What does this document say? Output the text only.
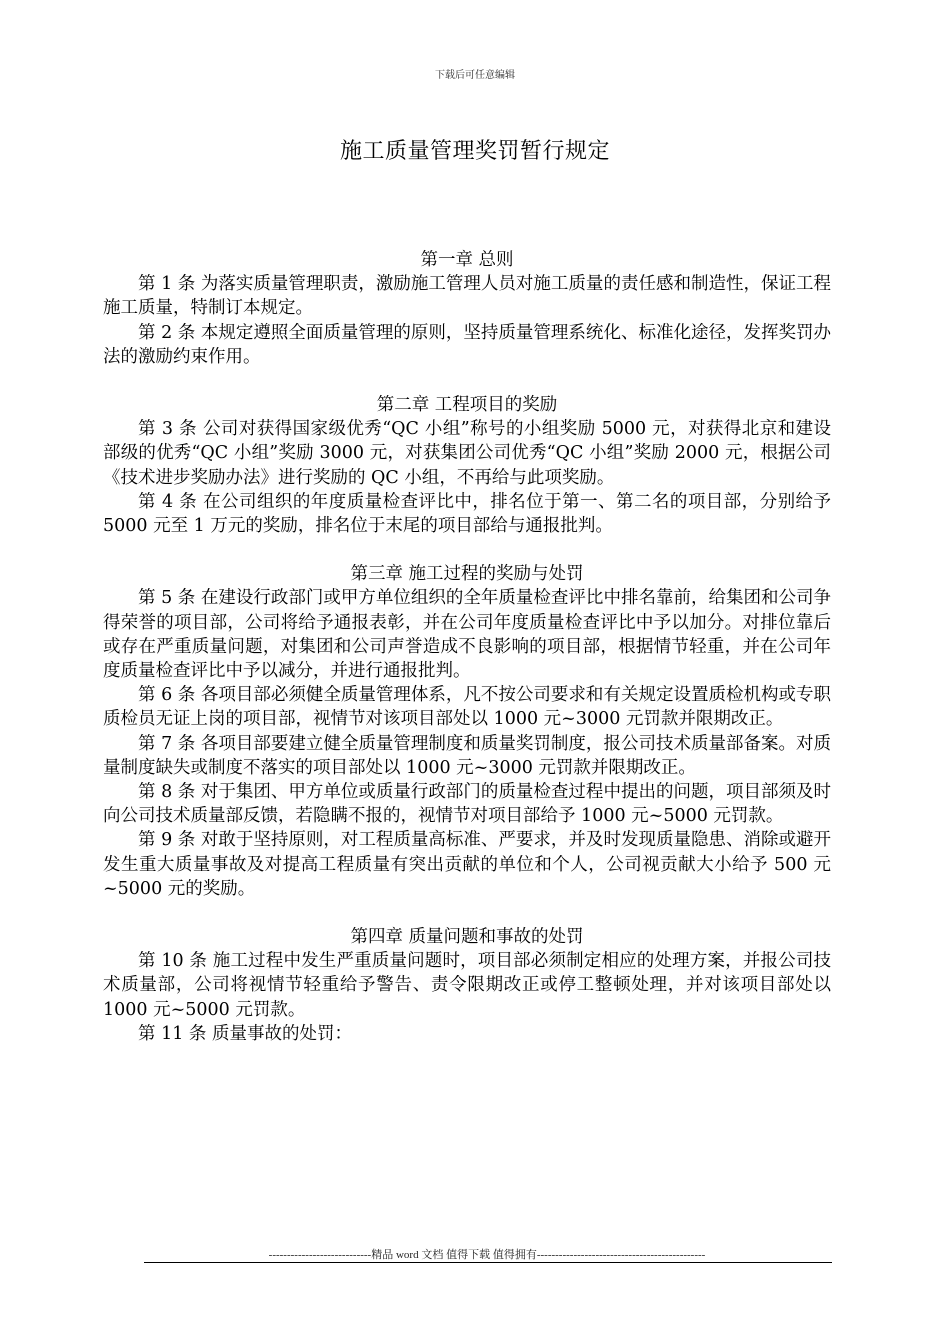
下载后可任意编辑
施工质量管理奖罚暂行规定
第一章 总则

第 1 条 为落实质量管理职责，激励施工管理人员对施工质量的责任感和制造性，保证工程施工质量，特制订本规定。

第 2 条 本规定遵照全面质量管理的原则，坚持质量管理系统化、标准化途径，发挥奖罚办法的激励约束作用。

第二章 工程项目的奖励

第 3 条 公司对获得国家级优秀“QC 小组”称号的小组奖励 5000 元，对获得北京和建设部级的优秀“QC 小组”奖励 3000 元，对获集团公司优秀“QC 小组”奖励 2000 元，根据公司《技术进步奖励办法》进行奖励的 QC 小组，不再给与此项奖励。

第 4 条 在公司组织的年度质量检查评比中，排名位于第一、第二名的项目部，分别给予 5000 元至 1 万元的奖励，排名位于末尾的项目部给与通报批判。

第三章 施工过程的奖励与处罚

第 5 条 在建设行政部门或甲方单位组织的全年质量检查评比中排名靠前，给集团和公司争得荣誉的项目部，公司将给予通报表彰，并在公司年度质量检查评比中予以加分。对排位靠后或存在严重质量问题，对集团和公司声誉造成不良影响的项目部，根据情节轻重，并在公司年度质量检查评比中予以减分，并进行通报批判。

第 6 条 各项目部必须健全质量管理体系，凡不按公司要求和有关规定设置质检机构或专职质检员无证上岗的项目部，视情节对该项目部处以 1000 元~3000 元罚款并限期改正。

第 7 条 各项目部要建立健全质量管理制度和质量奖罚制度，报公司技术质量部备案。对质量制度缺失或制度不落实的项目部处以 1000 元~3000 元罚款并限期改正。

第 8 条 对于集团、甲方单位或质量行政部门的质量检查过程中提出的问题，项目部须及时向公司技术质量部反馈，若隐瞒不报的，视情节对项目部给予 1000 元~5000 元罚款。

第 9 条 对敢于坚持原则，对工程质量高标准、严要求，并及时发现质量隐患、消除或避开发生重大质量事故及对提高工程质量有突出贡献的单位和个人，公司视贡献大小给予 500 元~5000 元的奖励。

第四章 质量问题和事故的处罚

第 10 条 施工过程中发生严重质量问题时，项目部必须制定相应的处理方案，并报公司技术质量部，公司将视情节轻重给予警告、责令限期改正或停工整顿处理，并对该项目部处以 1000 元~5000 元罚款。

第 11 条 质量事故的处罚：

----------------------------精品 word 文档 值得下载 值得拥有----------------------------------------------
